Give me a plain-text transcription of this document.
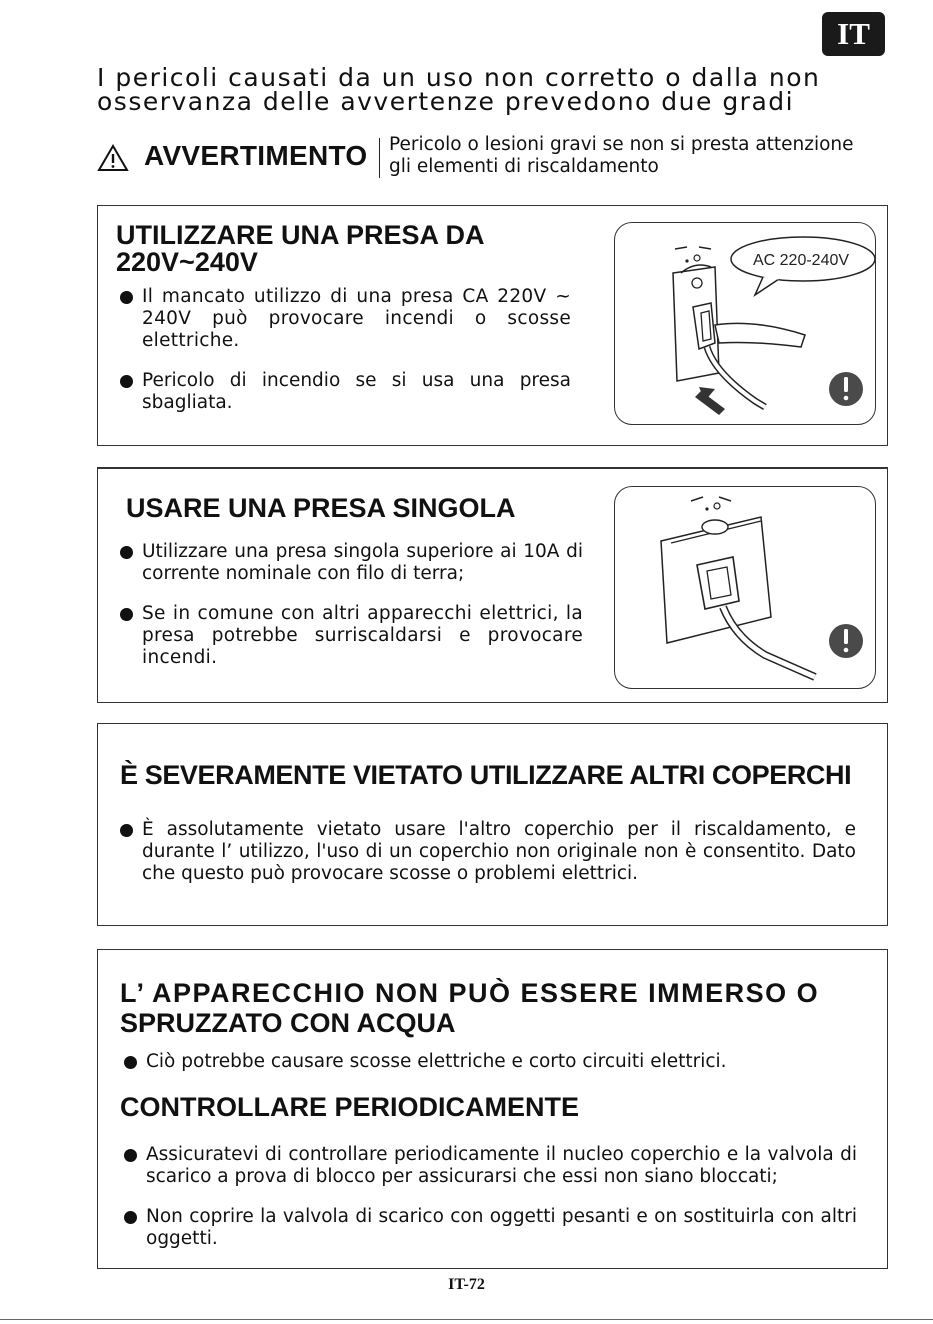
IT
I pericoli causati da un uso non corretto o dalla non
osservanza delle avvertenze prevedono due gradi
AVVERTIMENTO Pericolo o lesioni gravi se non si presta attenzione
gli elementi di riscaldamento
UTILIZZARE UNA PRESA DA
220V~240V
Il mancato utilizzo di una presa CA 220V ~ 240V può provocare incendi o scosse elettriche.
Pericolo di incendio se si usa una presa sbagliata.
AC 220-240V
USARE UNA PRESA SINGOLA
Utilizzare una presa singola superiore ai 10A di corrente nominale con filo di terra;
Se in comune con altri apparecchi elettrici, la presa potrebbe surriscaldarsi e provocare incendi.
È SEVERAMENTE VIETATO UTILIZZARE ALTRI COPERCHI
È assolutamente vietato usare l'altro coperchio per il riscaldamento, e durante l’ utilizzo, l'uso di un coperchio non originale non è consentito. Dato che questo può provocare scosse o problemi elettrici.
L’ APPARECCHIO NON PUÒ ESSERE IMMERSO O
SPRUZZATO CON ACQUA
Ciò potrebbe causare scosse elettriche e corto circuiti elettrici.
CONTROLLARE PERIODICAMENTE
Assicuratevi di controllare periodicamente il nucleo coperchio e la valvola di scarico a prova di blocco per assicurarsi che essi non siano bloccati;
Non coprire la valvola di scarico con oggetti pesanti e on sostituirla con altri oggetti.
IT-72
